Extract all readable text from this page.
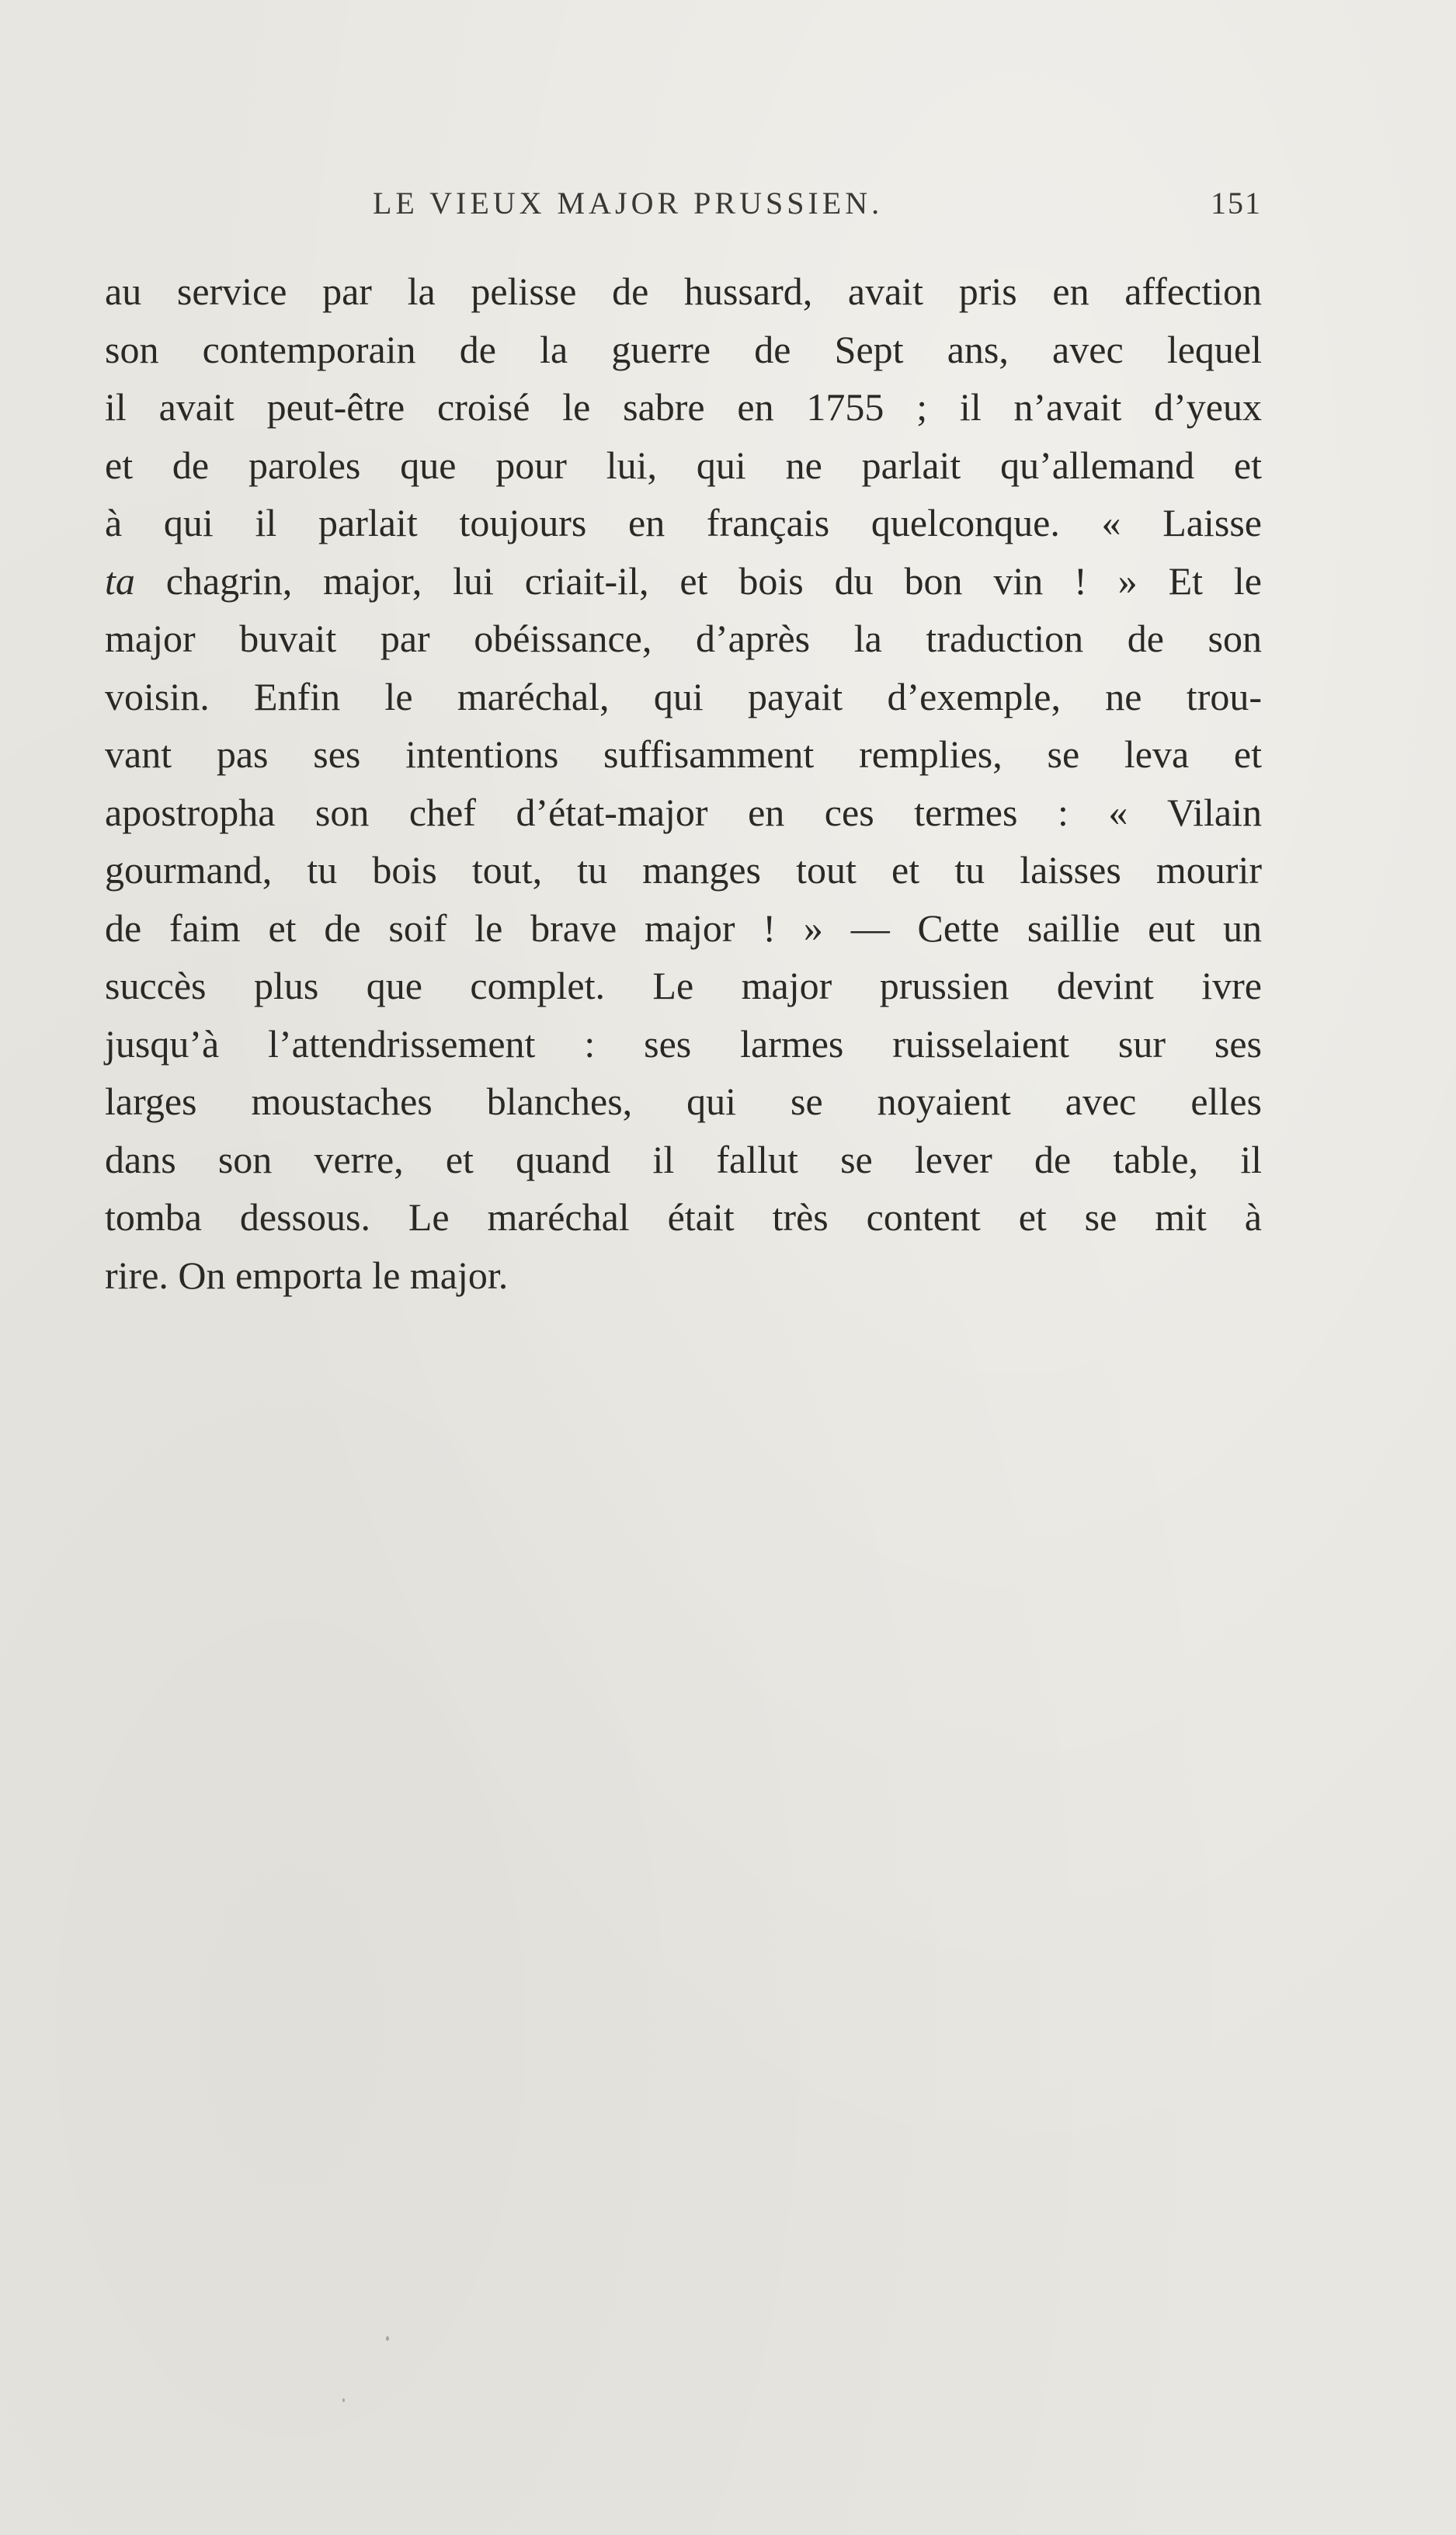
LE VIEUX MAJOR PRUSSIEN.	151
au service par la pelisse de hussard, avait pris en affection
son contemporain de la guerre de Sept ans, avec lequel
il avait peut-être croisé le sabre en 1755 ; il n’avait d’yeux
et de paroles que pour lui, qui ne parlait qu’allemand et
à qui il parlait toujours en français quelconque. « Laisse
ta chagrin, major, lui criait-il, et bois du bon vin ! » Et le
major buvait par obéissance, d’après la traduction de son
voisin. Enfin le maréchal, qui payait d’exemple, ne trou-
vant pas ses intentions suffisamment remplies, se leva et
apostropha son chef d’état-major en ces termes : « Vilain
gourmand, tu bois tout, tu manges tout et tu laisses mourir
de faim et de soif le brave major ! » — Cette saillie eut un
succès plus que complet. Le major prussien devint ivre
jusqu’à l’attendrissement : ses larmes ruisselaient sur ses
larges moustaches blanches, qui se noyaient avec elles
dans son verre, et quand il fallut se lever de table, il
tomba dessous. Le maréchal était très content et se mit à
rire. On emporta le major.
